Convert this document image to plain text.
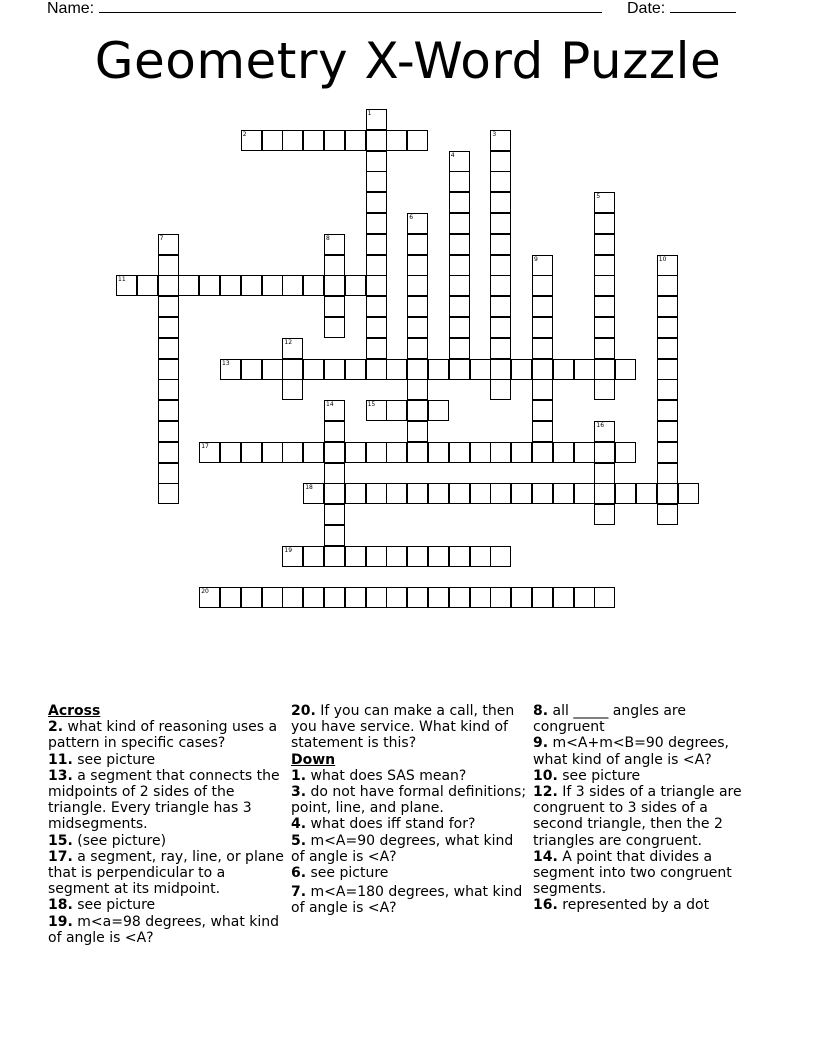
Name:	Date:
Geometry X-Word Puzzle
1
2	3
4
5
6
7	8
9	10
11
12
13
14	15
16
17
18
19
20

Across

2. what kind of reasoning uses a pattern in specific cases?

11. see picture

13. a segment that connects the midpoints of 2 sides of the triangle. Every triangle has 3 midsegments.

15. (see picture)

17. a segment, ray, line, or plane that is perpendicular to a segment at its midpoint.

18. see picture

19. m<a=98 degrees, what kind of angle is <A?

20. If you can make a call, then you have service. What kind of statement is this?

Down

1. what does SAS mean?

3. do not have formal definitions; point, line, and plane.

4. what does iff stand for?

5. m<A=90 degrees, what kind of angle is <A?

6. see picture

7. m<A=180 degrees, what kind of angle is <A?

8. all _____ angles are congruent

9. m<A+m<B=90 degrees, what kind of angle is <A?

10. see picture

12. If 3 sides of a triangle are congruent to 3 sides of a second triangle, then the 2 triangles are congruent.

14. A point that divides a segment into two congruent segments.

16. represented by a dot
